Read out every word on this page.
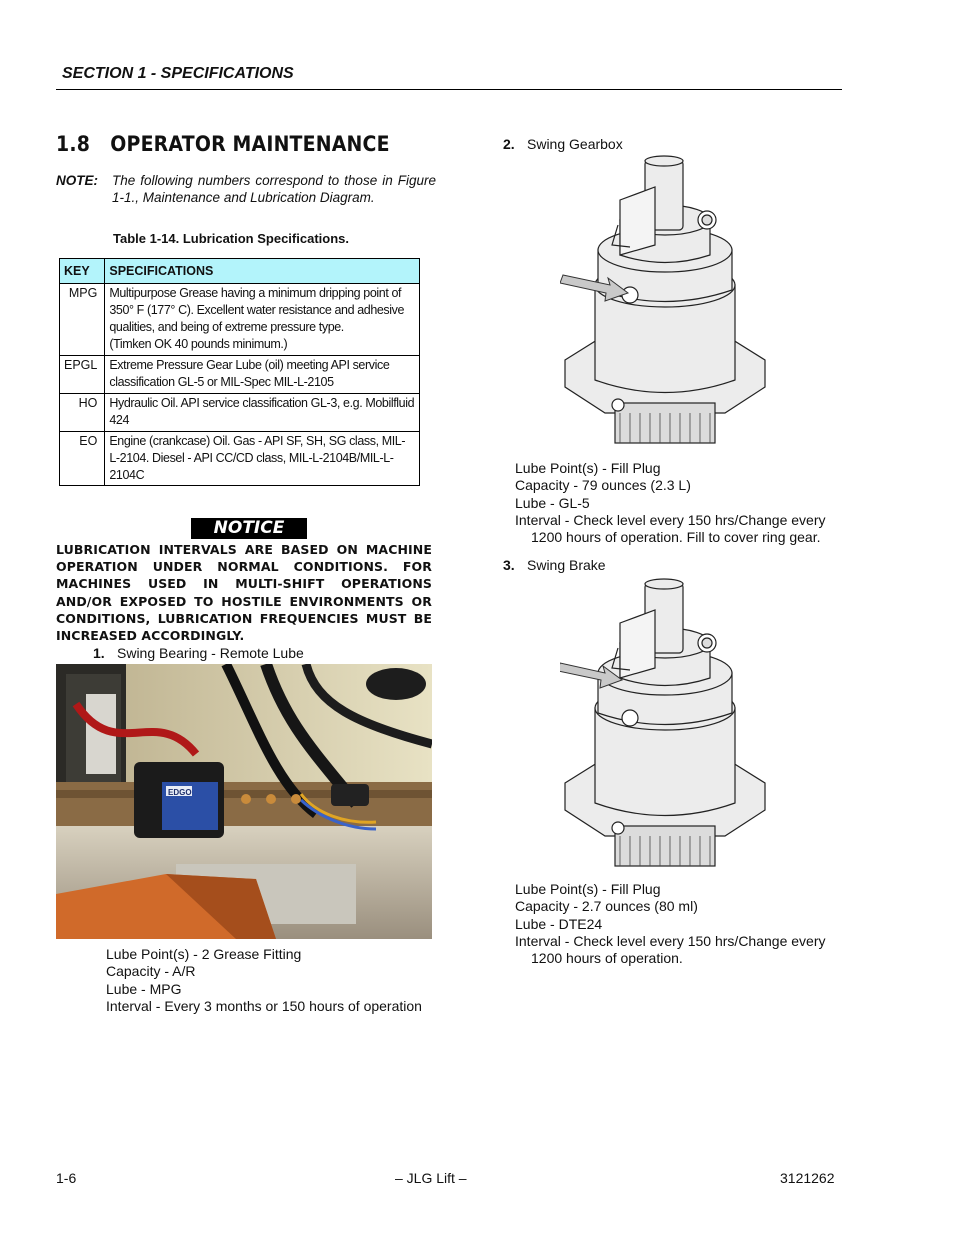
SECTION 1 - SPECIFICATIONS
1.8   OPERATOR MAINTENANCE
NOTE: The following numbers correspond to those in Figure 1-1., Maintenance and Lubrication Diagram.
Table 1-14. Lubrication Specifications.
KEY	SPECIFICATIONS
MPG	Multipurpose Grease having a minimum dripping point of 350° F (177° C). Excellent water resistance and adhesive qualities, and being of extreme pressure type.
(Timken OK 40 pounds minimum.)
EPGL	Extreme Pressure Gear Lube (oil) meeting API service classification GL-5 or MIL-Spec MIL-L-2105
HO	Hydraulic Oil. API service classification GL-3, e.g. Mobilfluid 424
EO	Engine (crankcase) Oil. Gas - API SF, SH, SG class, MIL-L-2104. Diesel - API CC/CD class, MIL-L-2104B/MIL-L-2104C
NOTICE
LUBRICATION INTERVALS ARE BASED ON MACHINE OPERATION UNDER NORMAL CONDITIONS. FOR MACHINES USED IN MULTI-SHIFT OPERATIONS AND/OR EXPOSED TO HOSTILE ENVIRONMENTS OR CONDITIONS, LUBRICATION FREQUENCIES MUST BE INCREASED ACCORDINGLY.
1. Swing Bearing - Remote Lube
EDGO
Lube Point(s) - 2 Grease Fitting
Capacity - A/R
Lube - MPG
Interval - Every 3 months or 150 hours of operation
2. Swing Gearbox
Lube Point(s) - Fill Plug
Capacity - 79 ounces (2.3 L)
Lube - GL-5
Interval - Check level every 150 hrs/Change every
1200 hours of operation. Fill to cover ring gear.
3. Swing Brake
Lube Point(s) - Fill Plug
Capacity - 2.7 ounces (80 ml)
Lube - DTE24
Interval - Check level every 150 hrs/Change every
1200 hours of operation.
1-6	– JLG Lift –	3121262
